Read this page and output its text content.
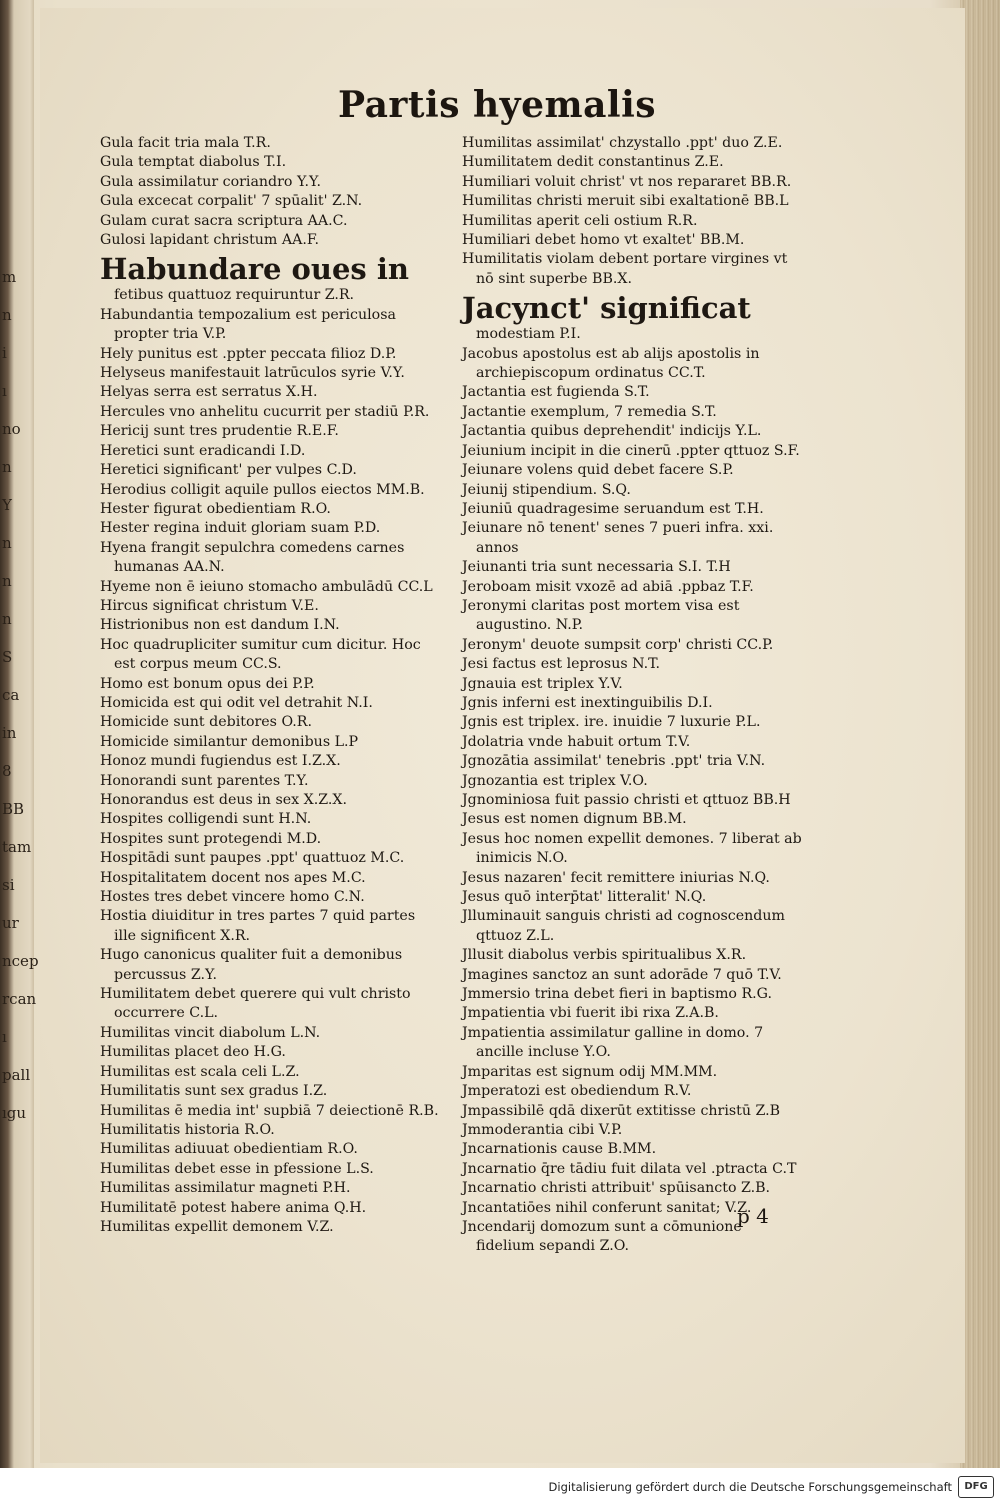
m
n
i
ı
no
n
Y
n
n
n
S
ca
in
8
BB
tam
si
ur
ncep
rcan
ı
pall
ıgu
Partis hyemalis

Gula facit tria mala T.R.

Gula temptat diabolus T.I.

Gula assimilatur coriandro Y.Y.

Gula excecat corpalit' 7 spūalit' Z.N.

Gulam curat sacra scriptura AA.C.

Gulosi lapidant christum AA.F.

Habundare oues in

fetibus quattuoz requiruntur Z.R.

Habundantia tempozalium est periculosa propter tria V.P.

Hely punitus est .ppter peccata filioz D.P.

Helyseus manifestauit latrūculos syrie V.Y.

Helyas serra est serratus X.H.

Hercules vno anhelitu cucurrit per stadiū P.R.

Hericij sunt tres prudentie R.E.F.

Heretici sunt eradicandi I.D.

Heretici significant' per vulpes C.D.

Herodius colligit aquile pullos eiectos MM.B.

Hester figurat obedientiam R.O.

Hester regina induit gloriam suam P.D.

Hyena frangit sepulchra comedens carnes humanas AA.N.

Hyeme non ē ieiuno stomacho ambulādū CC.L

Hircus significat christum V.E.

Histrionibus non est dandum I.N.

Hoc quadrupliciter sumitur cum dicitur. Hoc est corpus meum CC.S.

Homo est bonum opus dei P.P.

Homicida est qui odit vel detrahit N.I.

Homicide sunt debitores O.R.

Homicide similantur demonibus L.P

Honoz mundi fugiendus est I.Z.X.

Honorandi sunt parentes T.Y.

Honorandus est deus in sex X.Z.X.

Hospites colligendi sunt H.N.

Hospites sunt protegendi M.D.

Hospitādi sunt paupes .ppt' quattuoz M.C.

Hospitalitatem docent nos apes M.C.

Hostes tres debet vincere homo C.N.

Hostia diuiditur in tres partes 7 quid partes ille significent X.R.

Hugo canonicus qualiter fuit a demonibus percussus Z.Y.

Humilitatem debet querere qui vult christo occurrere C.L.

Humilitas vincit diabolum L.N.

Humilitas placet deo H.G.

Humilitas est scala celi L.Z.

Humilitatis sunt sex gradus I.Z.

Humilitas ē media int' supbiā 7 deiectionē R.B.

Humilitatis historia R.O.

Humilitas adiuuat obedientiam R.O.

Humilitas debet esse in pfessione L.S.

Humilitas assimilatur magneti P.H.

Humilitatē potest habere anima Q.H.

Humilitas expellit demonem V.Z.

Humilitas assimilat' chzystallo .ppt' duo Z.E.

Humilitatem dedit constantinus Z.E.

Humiliari voluit christ' vt nos repararet BB.R.

Humilitas christi meruit sibi exaltationē BB.L

Humilitas aperit celi ostium R.R.

Humiliari debet homo vt exaltet' BB.M.

Humilitatis violam debent portare virgines vt nō sint superbe BB.X.

Jacynct' significat

modestiam P.I.

Jacobus apostolus est ab alijs apostolis in archiepiscopum ordinatus CC.T.

Jactantia est fugienda S.T.

Jactantie exemplum, 7 remedia S.T.

Jactantia quibus deprehendit' indicijs Y.L.

Jeiunium incipit in die cinerū .ppter qttuoz S.F.

Jeiunare volens quid debet facere S.P.

Jeiunij stipendium. S.Q.

Jeiuniū quadragesime seruandum est T.H.

Jeiunare nō tenent' senes 7 pueri infra. xxi. annos

Jeiunanti tria sunt necessaria S.I. T.H

Jeroboam misit vxozē ad abiā .ppbaz T.F.

Jeronymi claritas post mortem visa est augustino. N.P.

Jeronym' deuote sumpsit corp' christi CC.P.

Jesi factus est leprosus N.T.

Jgnauia est triplex Y.V.

Jgnis inferni est inextinguibilis D.I.

Jgnis est triplex. ire. inuidie 7 luxurie P.L.

Jdolatria vnde habuit ortum T.V.

Jgnozātia assimilat' tenebris .ppt' tria V.N.

Jgnozantia est triplex V.O.

Jgnominiosa fuit passio christi et qttuoz BB.H

Jesus est nomen dignum BB.M.

Jesus hoc nomen expellit demones. 7 liberat ab inimicis N.O.

Jesus nazaren' fecit remittere iniurias N.Q.

Jesus quō interp̄tat' litteralit' N.Q.

Jlluminauit sanguis christi ad cognoscendum qttuoz Z.L.

Jllusit diabolus verbis spiritualibus X.R.

Jmagines sanctoz an sunt adorāde 7 quō T.V.

Jmmersio trina debet fieri in baptismo R.G.

Jmpatientia vbi fuerit ibi rixa Z.A.B.

Jmpatientia assimilatur galline in domo. 7 ancille incluse Y.O.

Jmparitas est signum odij MM.MM.

Jmperatozi est obediendum R.V.

Jmpassibilē qdā dixerūt extitisse christū Z.B

Jmmoderantia cibi V.P.

Jncarnationis cause B.MM.

Jncarnatio q̄re tādiu fuit dilata vel .ptracta C.T

Jncarnatio christi attribuit' spūisancto Z.B.

Jncantatiōes nihil conferunt sanitat; V.Z.

Jncendarij domozum sunt a cōmunione fidelium sepandi Z.O.

p 4
Digitalisierung gefördert durch die Deutsche Forschungsgemeinschaft	DFG
